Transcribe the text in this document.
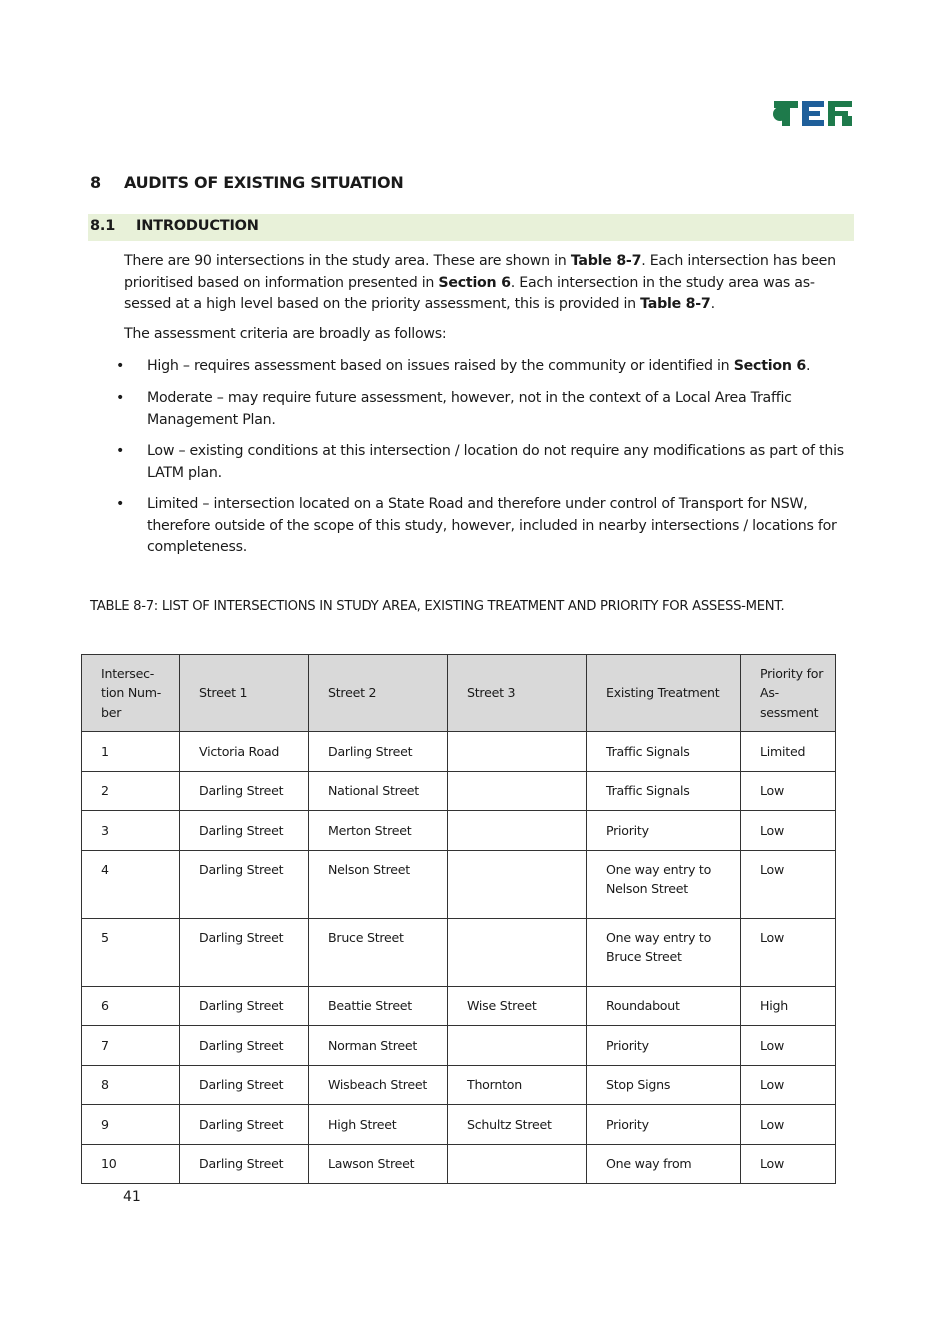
8 AUDITS OF EXISTING SITUATION
8.1 INTRODUCTION
There are 90 intersections in the study area. These are shown in Table 8-7. Each intersection has been prioritised based on information presented in Section 6. Each intersection in the study area was as-sessed at a high level based on the priority assessment, this is provided in Table 8-7.
The assessment criteria are broadly as follows:
• High – requires assessment based on issues raised by the community or identified in Section 6.
• Moderate – may require future assessment, however, not in the context of a Local Area Traffic Management Plan.
• Low – existing conditions at this intersection / location do not require any modifications as part of this LATM plan.
• Limited – intersection located on a State Road and therefore under control of Transport for NSW, therefore outside of the scope of this study, however, included in nearby intersections / locations for completeness.
TABLE 8-7: LIST OF INTERSECTIONS IN STUDY AREA, EXISTING TREATMENT AND PRIORITY FOR ASSESS-MENT.
Intersec-tion Num-ber	Street 1	Street 2	Street 3	Existing Treatment	Priority for As-sessment
1	Victoria Road	Darling Street		Traffic Signals	Limited
2	Darling Street	National Street		Traffic Signals	Low
3	Darling Street	Merton Street		Priority	Low
4	Darling Street	Nelson Street		One way entry to Nelson Street	Low
5	Darling Street	Bruce Street		One way entry to Bruce Street	Low
6	Darling Street	Beattie Street	Wise Street	Roundabout	High
7	Darling Street	Norman Street		Priority	Low
8	Darling Street	Wisbeach Street	Thornton	Stop Signs	Low
9	Darling Street	High Street	Schultz Street	Priority	Low
10	Darling Street	Lawson Street		One way from	Low
41
